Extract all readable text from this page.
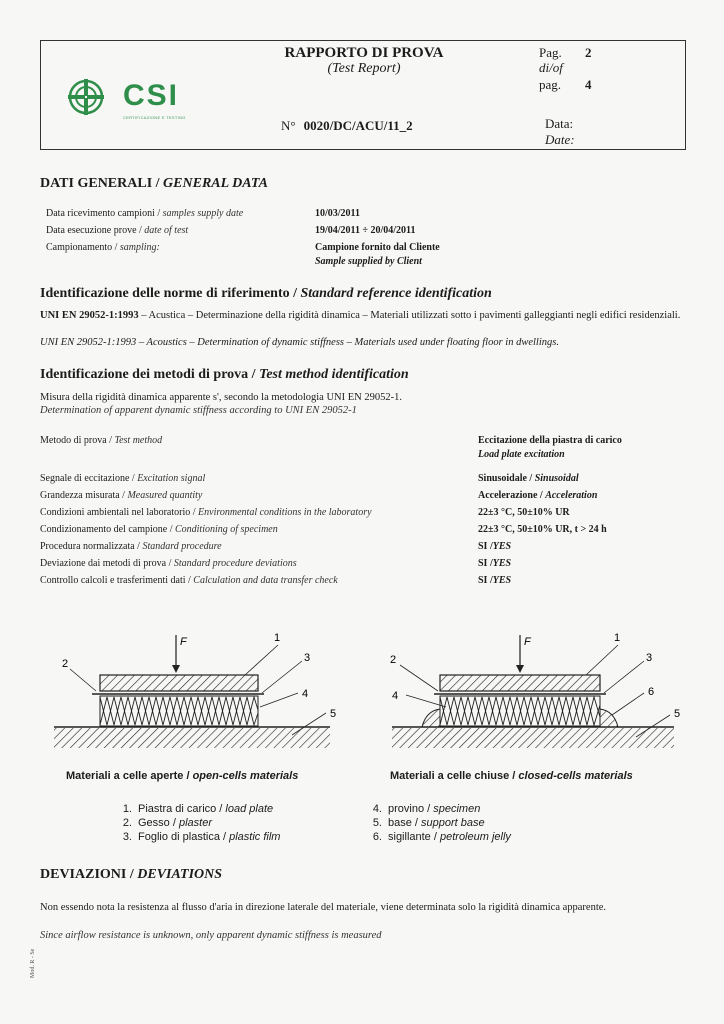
CSI
CERTIFICAZIONE E TESTING
RAPPORTO DI PROVA
(Test Report)
N° 0020/DC/ACU/11_2
Pag. 2
di/of
pag. 4
Data:
Date:
DATI GENERALI / GENERAL DATA
Data ricevimento campioni / samples supply date	10/03/2011
Data esecuzione prove / date of test	19/04/2011 ÷ 20/04/2011
Campionamento / sampling:	Campione fornito dal Cliente
Sample supplied by Client
Identificazione delle norme di riferimento / Standard reference identification
UNI EN 29052-1:1993 – Acustica – Determinazione della rigidità dinamica – Materiali utilizzati sotto i pavimenti galleggianti negli edifici residenziali.
UNI EN 29052-1:1993 – Acoustics – Determination of dynamic stiffness – Materials used under floating floor in dwellings.
Identificazione dei metodi di prova / Test method identification
Misura della rigidità dinamica apparente s', secondo la metodologia UNI EN 29052-1.
Determination of apparent dynamic stiffness according to UNI EN 29052-1
Metodo di prova / Test method	Eccitazione della piastra di carico
Load plate excitation
Segnale di eccitazione / Excitation signal	Sinusoidale / Sinusoidal
Grandezza misurata / Measured quantity	Accelerazione / Acceleration
Condizioni ambientali nel laboratorio / Environmental conditions in the laboratory	22±3 °C, 50±10% UR
Condizionamento del campione / Conditioning of specimen	22±3 °C, 50±10% UR, t > 24 h
Procedura normalizzata / Standard procedure	SI /YES
Deviazione dai metodi di prova / Standard procedure deviations	SI /YES
Controllo calcoli e trasferimenti dati / Calculation and data transfer check	SI /YES
F	1
2	3
4
5
F	1
2	3
4
5
6
Materiali a celle aperte / open-cells materials	Materiali a celle chiuse / closed-cells materials
1. Piastra di carico / load plate
2. Gesso / plaster
3. Foglio di plastica / plastic film
4. provino / specimen
5. base / support base
6. sigillante / petroleum jelly
DEVIAZIONI / DEVIATIONS
Non essendo nota la resistenza al flusso d'aria in direzione laterale del materiale, viene determinata solo la rigidità dinamica apparente.
Since airflow resistance is unknown, only apparent dynamic stiffness is measured
Mod. R - Se
